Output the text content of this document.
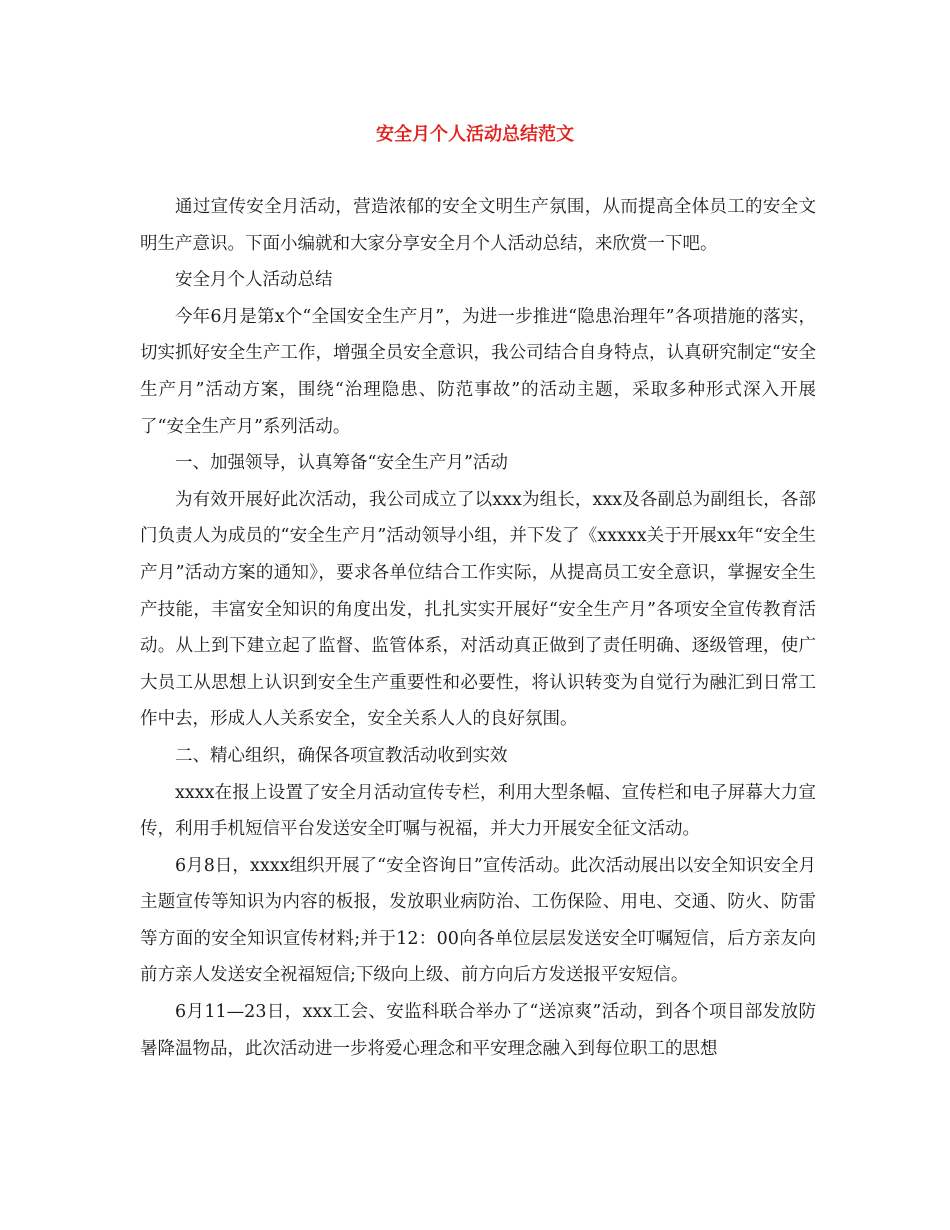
安全月个人活动总结范文

通过宣传安全月活动，营造浓郁的安全文明生产氛围，从而提高全体员工的安全文明生产意识。下面小编就和大家分享安全月个人活动总结，来欣赏一下吧。

安全月个人活动总结

今年6月是第x个“全国安全生产月”，为进一步推进“隐患治理年”各项措施的落实，切实抓好安全生产工作，增强全员安全意识，我公司结合自身特点，认真研究制定“安全生产月”活动方案，围绕“治理隐患、防范事故”的活动主题，采取多种形式深入开展了“安全生产月”系列活动。

一、加强领导，认真筹备“安全生产月”活动

为有效开展好此次活动，我公司成立了以xxx为组长，xxx及各副总为副组长，各部门负责人为成员的“安全生产月”活动领导小组，并下发了《xxxxx关于开展xx年“安全生产月”活动方案的通知》，要求各单位结合工作实际，从提高员工安全意识，掌握安全生产技能，丰富安全知识的角度出发，扎扎实实开展好“安全生产月”各项安全宣传教育活动。从上到下建立起了监督、监管体系，对活动真正做到了责任明确、逐级管理，使广大员工从思想上认识到安全生产重要性和必要性，将认识转变为自觉行为融汇到日常工作中去，形成人人关系安全，安全关系人人的良好氛围。

二、精心组织，确保各项宣教活动收到实效

xxxx在报上设置了安全月活动宣传专栏，利用大型条幅、宣传栏和电子屏幕大力宣传，利用手机短信平台发送安全叮嘱与祝福，并大力开展安全征文活动。

6月8日，xxxx组织开展了“安全咨询日”宣传活动。此次活动展出以安全知识安全月主题宣传等知识为内容的板报，发放职业病防治、工伤保险、用电、交通、防火、防雷等方面的安全知识宣传材料;并于12：00向各单位层层发送安全叮嘱短信，后方亲友向前方亲人发送安全祝福短信;下级向上级、前方向后方发送报平安短信。

6月11—23日，xxx工会、安监科联合举办了“送凉爽”活动，到各个项目部发放防暑降温物品，此次活动进一步将爱心理念和平安理念融入到每位职工的思想
